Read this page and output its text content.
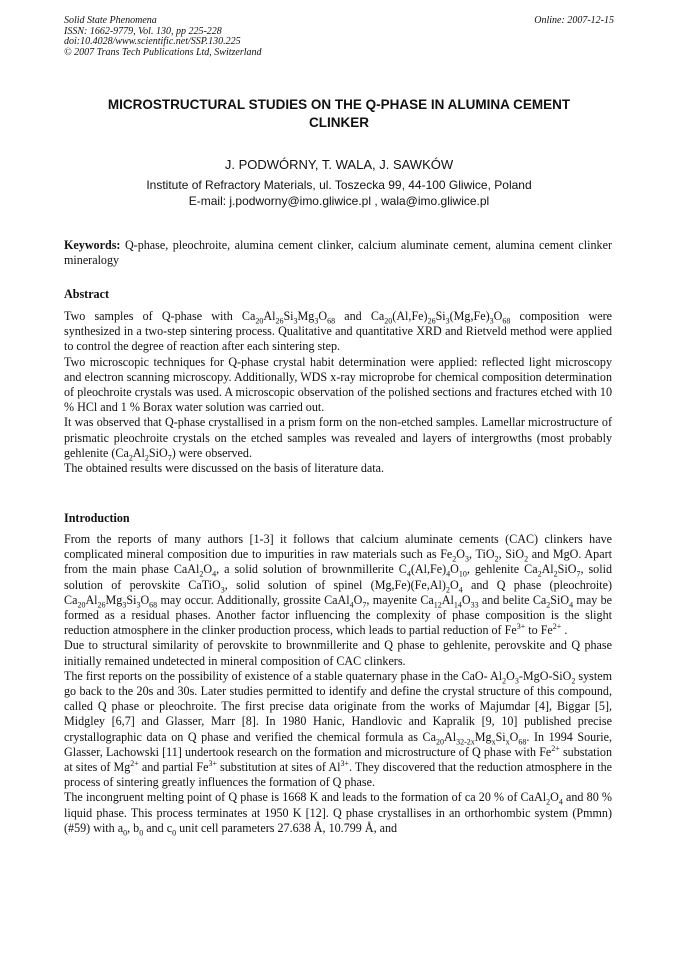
Solid State Phenomena
ISSN: 1662-9779, Vol. 130, pp 225-228
doi:10.4028/www.scientific.net/SSP.130.225
© 2007 Trans Tech Publications Ltd, Switzerland
Online: 2007-12-15
MICROSTRUCTURAL STUDIES ON THE Q-PHASE IN ALUMINA CEMENT
CLINKER
J. PODWÓRNY, T. WALA, J. SAWKÓW
Institute of Refractory Materials, ul. Toszecka 99, 44-100 Gliwice, Poland
E-mail: j.podworny@imo.gliwice.pl , wala@imo.gliwice.pl
Keywords: Q-phase, pleochroite, alumina cement clinker, calcium aluminate cement, alumina cement clinker mineralogy
Abstract

Two samples of Q-phase with $Ca_{20}Al_{26}Si_3Mg_3O_{68}$ and $Ca_{20}(Al,Fe)_{26}Si_3(Mg,Fe)_3O_{68}$ composition were synthesized in a two-step sintering process. Qualitative and quantitative XRD and Rietveld method were applied to control the degree of reaction after each sintering step.

Two microscopic techniques for Q-phase crystal habit determination were applied: reflected light microscopy and electron scanning microscopy. Additionally, WDS x-ray microprobe for chemical composition determination of pleochroite crystals was used. A microscopic observation of the polished sections and fractures etched with 10 % HCl and 1 % Borax water solution was carried out.

It was observed that Q-phase crystallised in a prism form on the non-etched samples. Lamellar microstructure of prismatic pleochroite crystals on the etched samples was revealed and layers of intergrowths (most probably gehlenite $(Ca_2Al_2SiO_7)$ were observed.

The obtained results were discussed on the basis of literature data.

Introduction

From the reports of many authors [1-3] it follows that calcium aluminate cements (CAC) clinkers have complicated mineral composition due to impurities in raw materials such as $Fe_2O_3$, TiO$_2$, SiO$_2$ and MgO. Apart from the main phase $CaAl_2O_4$, a solid solution of brownmillerite $C_4(Al,Fe)_4O_{10}$, gehlenite $Ca_2Al_2SiO_7$, solid solution of perovskite CaTiO$_3$, solid solution of spinel $(Mg,Fe)(Fe,Al)_2O_4$ and Q phase (pleochroite) $Ca_{20}Al_{26}Mg_3Si_3O_{68}$ may occur. Additionally, grossite $CaAl_4O_7$, mayenite $Ca_{12}Al_{14}O_{33}$ and belite $Ca_2SiO_4$ may be formed as a residual phases. Another factor influencing the complexity of phase composition is the slight reduction atmosphere in the clinker production process, which leads to partial reduction of $Fe^{3+}$ to $Fe^{2+}$ .

Due to structural similarity of perovskite to brownmillerite and Q phase to gehlenite, perovskite and Q phase initially remained undetected in mineral composition of CAC clinkers.

The first reports on the possibility of existence of a stable quaternary phase in the CaO- $Al_2O_3-MgO-SiO_2$ system go back to the 20s and 30s. Later studies permitted to identify and define the crystal structure of this compound, called Q phase or pleochroite. The first precise data originate from the works of Majumdar [4], Biggar [5], Midgley [6,7] and Glasser, Marr [8]. In 1980 Hanic, Handlovic and Kapralik [9, 10] published precise crystallographic data on Q phase and verified the chemical formula as $Ca_{20}Al_{32-2x}Mg_xSi_xO_{68}$. In 1994 Sourie, Glasser, Lachowski [11] undertook research on the formation and microstructure of Q phase with $Fe^{2+}$ substation at sites of $Mg^{2+}$ and partial $Fe^{3+}$ substitution at sites of $Al^{3+}$. They discovered that the reduction atmosphere in the process of sintering greatly influences the formation of Q phase.

The incongruent melting point of Q phase is 1668 K and leads to the formation of ca 20 % of $CaAl_2O_4$ and 80 % liquid phase. This process terminates at 1950 K [12]. Q phase crystallises in an orthorhombic system (Pmmn) (#59) with $a_0$, $b_0$ and $c_0$ unit cell parameters 27.638 Å, 10.799 Å, and
